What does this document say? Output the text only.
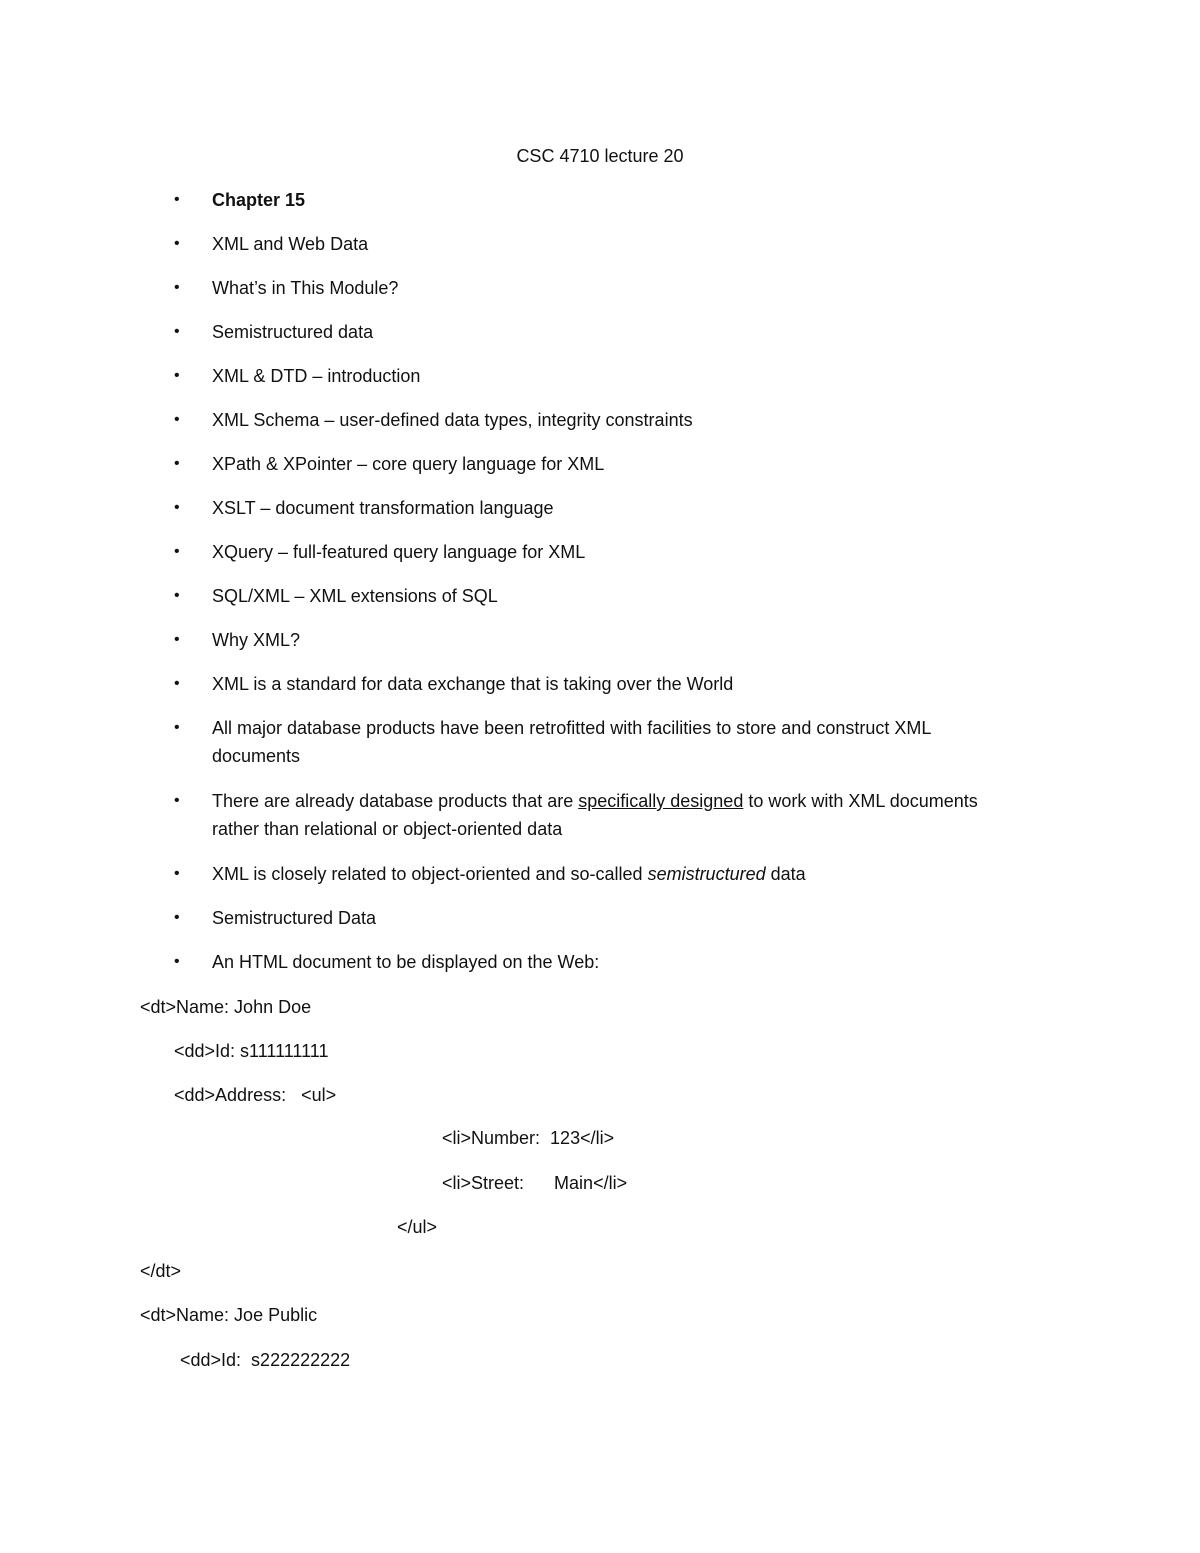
CSC 4710 lecture 20
•	Chapter 15
•	XML and Web Data
•	What’s in This Module?
•	Semistructured data
•	XML & DTD – introduction
•	XML Schema – user-defined data types, integrity constraints
•	XPath & XPointer – core query language for XML
•	XSLT – document transformation language
•	XQuery – full-featured query language for XML
•	SQL/XML – XML extensions of SQL
•	Why XML?
•	XML is a standard for data exchange that is taking over the World
•	All major database products have been retrofitted with facilities to store and construct XML
documents
•	There are already database products that are specifically designed to work with XML documents
rather than relational or object-oriented data
•	XML is closely related to object-oriented and so-called semistructured data
•	Semistructured Data
•	An HTML document to be displayed on the Web:
<dt>Name: John Doe
<dd>Id: s111111111
<dd>Address:   <ul>
<li>Number:  123</li>
<li>Street:      Main</li>
</ul>
</dt>
<dt>Name: Joe Public
<dd>Id:  s222222222
